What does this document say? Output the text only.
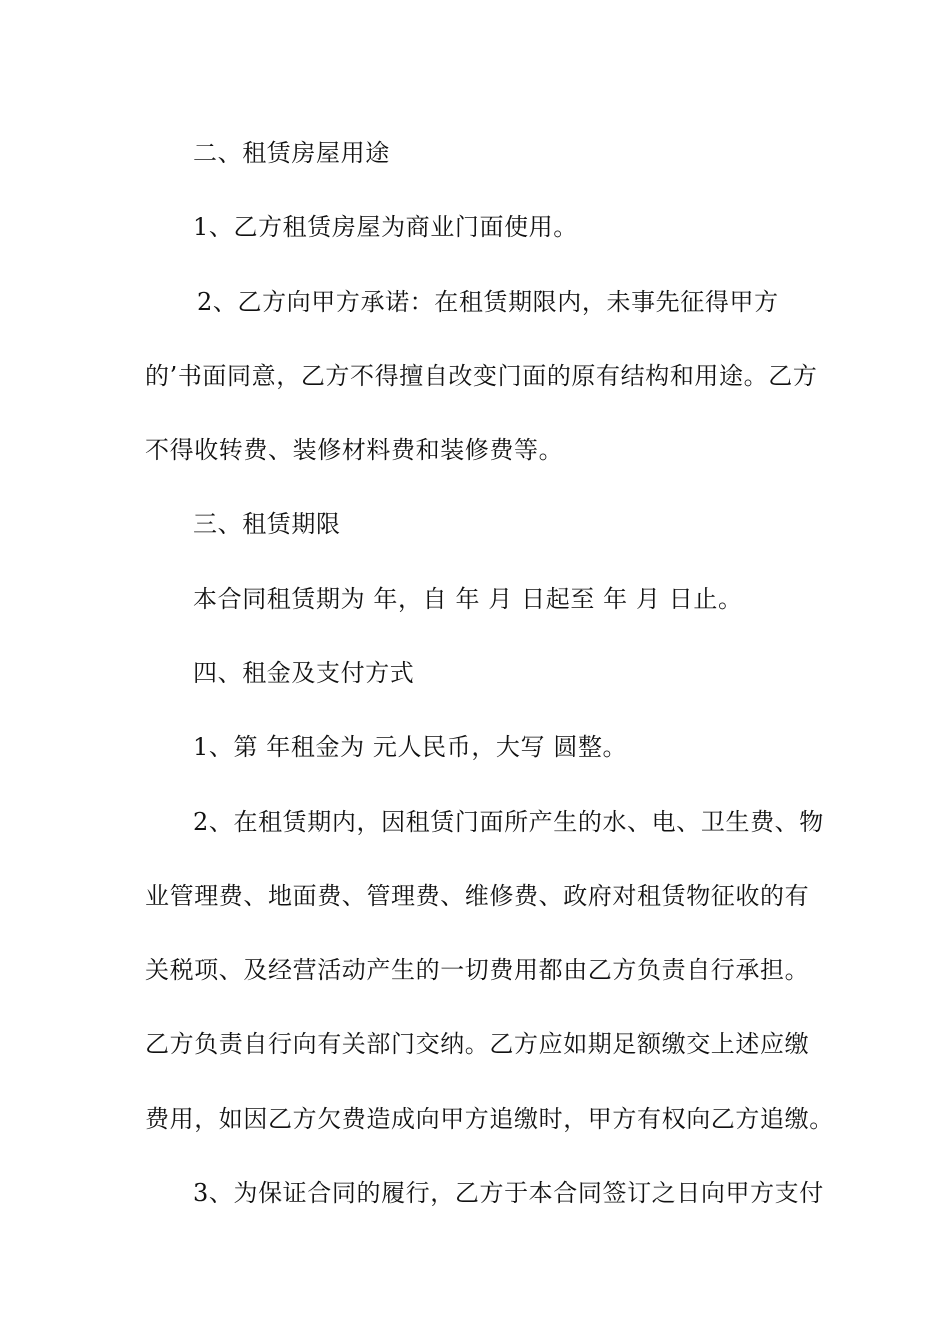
二、租赁房屋用途
1、乙方租赁房屋为商业门面使用。
2、乙方向甲方承诺：在租赁期限内，未事先征得甲方
的’书面同意，乙方不得擅自改变门面的原有结构和用途。乙方
不得收转费、装修材料费和装修费等。
三、租赁期限
本合同租赁期为 年，自 年 月 日起至 年 月 日止。
四、租金及支付方式
1、第 年租金为 元人民币，大写 圆整。
2、在租赁期内，因租赁门面所产生的水、电、卫生费、物
业管理费、地面费、管理费、维修费、政府对租赁物征收的有
关税项、及经营活动产生的一切费用都由乙方负责自行承担。
乙方负责自行向有关部门交纳。乙方应如期足额缴交上述应缴
费用，如因乙方欠费造成向甲方追缴时，甲方有权向乙方追缴。
3、为保证合同的履行，乙方于本合同签订之日向甲方支付
